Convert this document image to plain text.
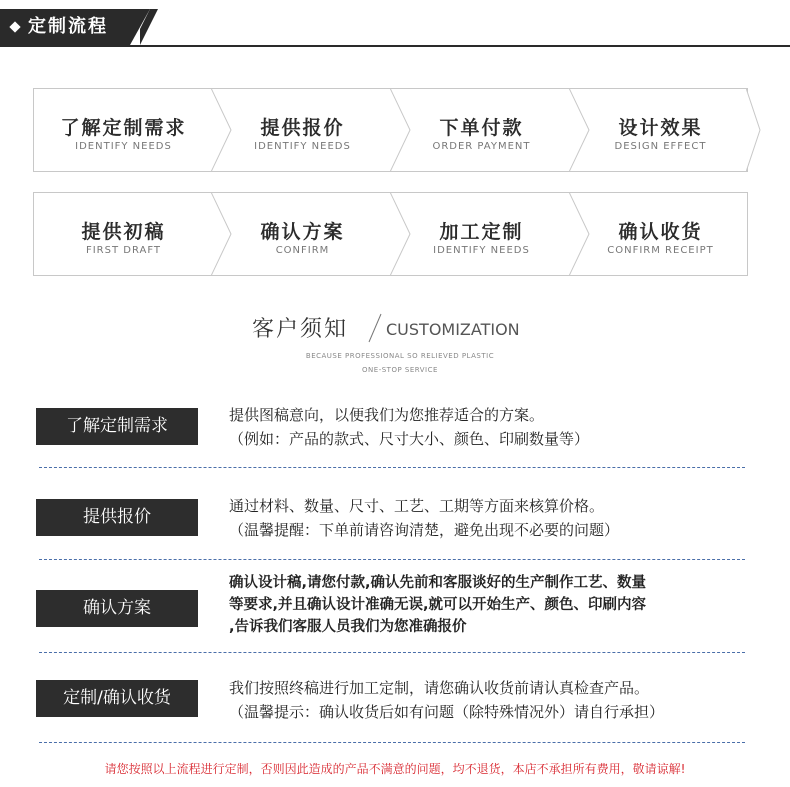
定制流程
了解定制需求
IDENTIFY NEEDS
提供报价
IDENTIFY NEEDS
下单付款
ORDER PAYMENT
设计效果
DESIGN EFFECT
提供初稿
FIRST DRAFT
确认方案
CONFIRM
加工定制
IDENTIFY NEEDS
确认收货
CONFIRM RECEIPT
客户须知 CUSTOMIZATION
BECAUSE PROFESSIONAL SO RELIEVED PLASTIC
ONE-STOP SERVICE
了解定制需求
提供图稿意向，以便我们为您推荐适合的方案。
（例如：产品的款式、尺寸大小、颜色、印刷数量等）
提供报价
通过材料、数量、尺寸、工艺、工期等方面来核算价格。
（温馨提醒：下单前请咨询清楚，避免出现不必要的问题）
确认方案
确认设计稿,请您付款,确认先前和客服谈好的生产制作工艺、数量
等要求,并且确认设计准确无误,就可以开始生产、颜色、印刷内容
,告诉我们客服人员我们为您准确报价
定制/确认收货	我们按照终稿进行加工定制，请您确认收货前请认真检查产品。
（温馨提示：确认收货后如有问题（除特殊情况外）请自行承担）
请您按照以上流程进行定制，否则因此造成的产品不满意的问题，均不退货，本店不承担所有费用，敬请谅解!
